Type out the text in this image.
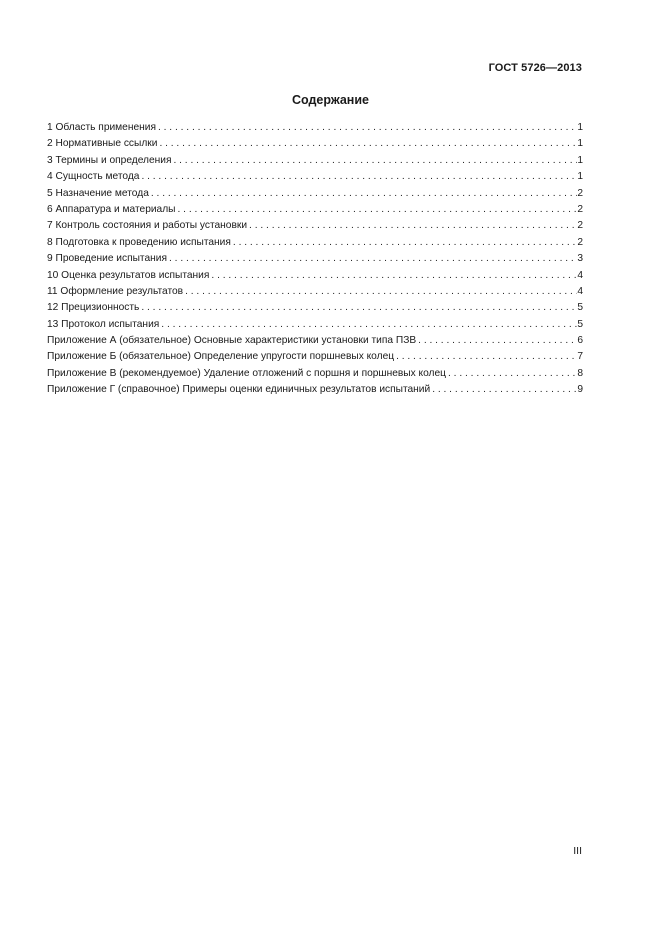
ГОСТ 5726—2013
Содержание
1 Область применения . . .	1
2 Нормативные ссылки . . .	1
3 Термины и определения . . .	1
4 Сущность метода . . .	1
5 Назначение метода . . .	2
6 Аппаратура и материалы . . .	2
7 Контроль состояния и работы установки . . .	2
8 Подготовка к проведению испытания . . .	2
9 Проведение испытания . . .	3
10 Оценка результатов испытания . . .	4
11 Оформление результатов . . .	4
12 Прецизионность . . .	5
13 Протокол испытания . . .	5
Приложение А (обязательное) Основные характеристики установки типа ПЗВ . . .	6
Приложение Б (обязательное) Определение упругости поршневых колец . . .	7
Приложение В (рекомендуемое) Удаление отложений с поршня и поршневых колец . . .	8
Приложение Г (справочное) Примеры оценки единичных результатов испытаний . . .	9
III
